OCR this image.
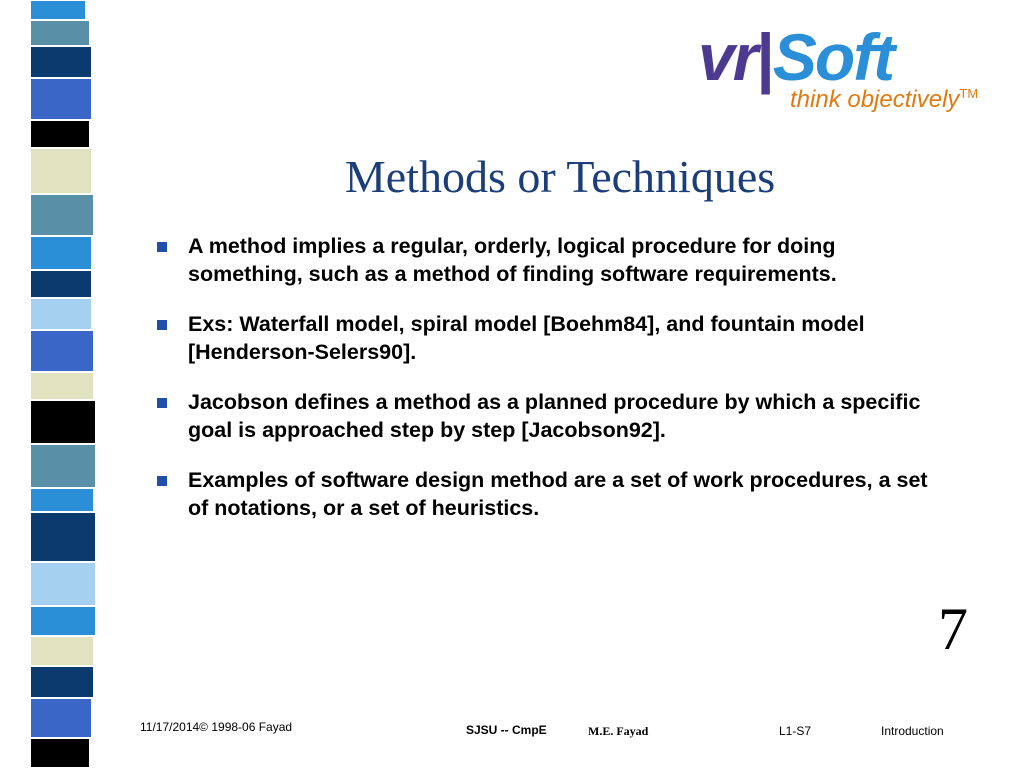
vr|Soft
think objectively™
Methods or Techniques
A method implies a regular, orderly, logical procedure for doing something, such as a method of finding software requirements.
Exs: Waterfall model, spiral model [Boehm84], and fountain model [Henderson-Selers90].
Jacobson defines a method as a planned procedure by which a specific goal is approached step by step [Jacobson92].
Examples of software design method are a set of work procedures, a set of notations, or a set of heuristics.
7
11/17/2014© 1998-06 Fayad	SJSU -- CmpE	M.E. Fayad	L1-S7	Introduction
